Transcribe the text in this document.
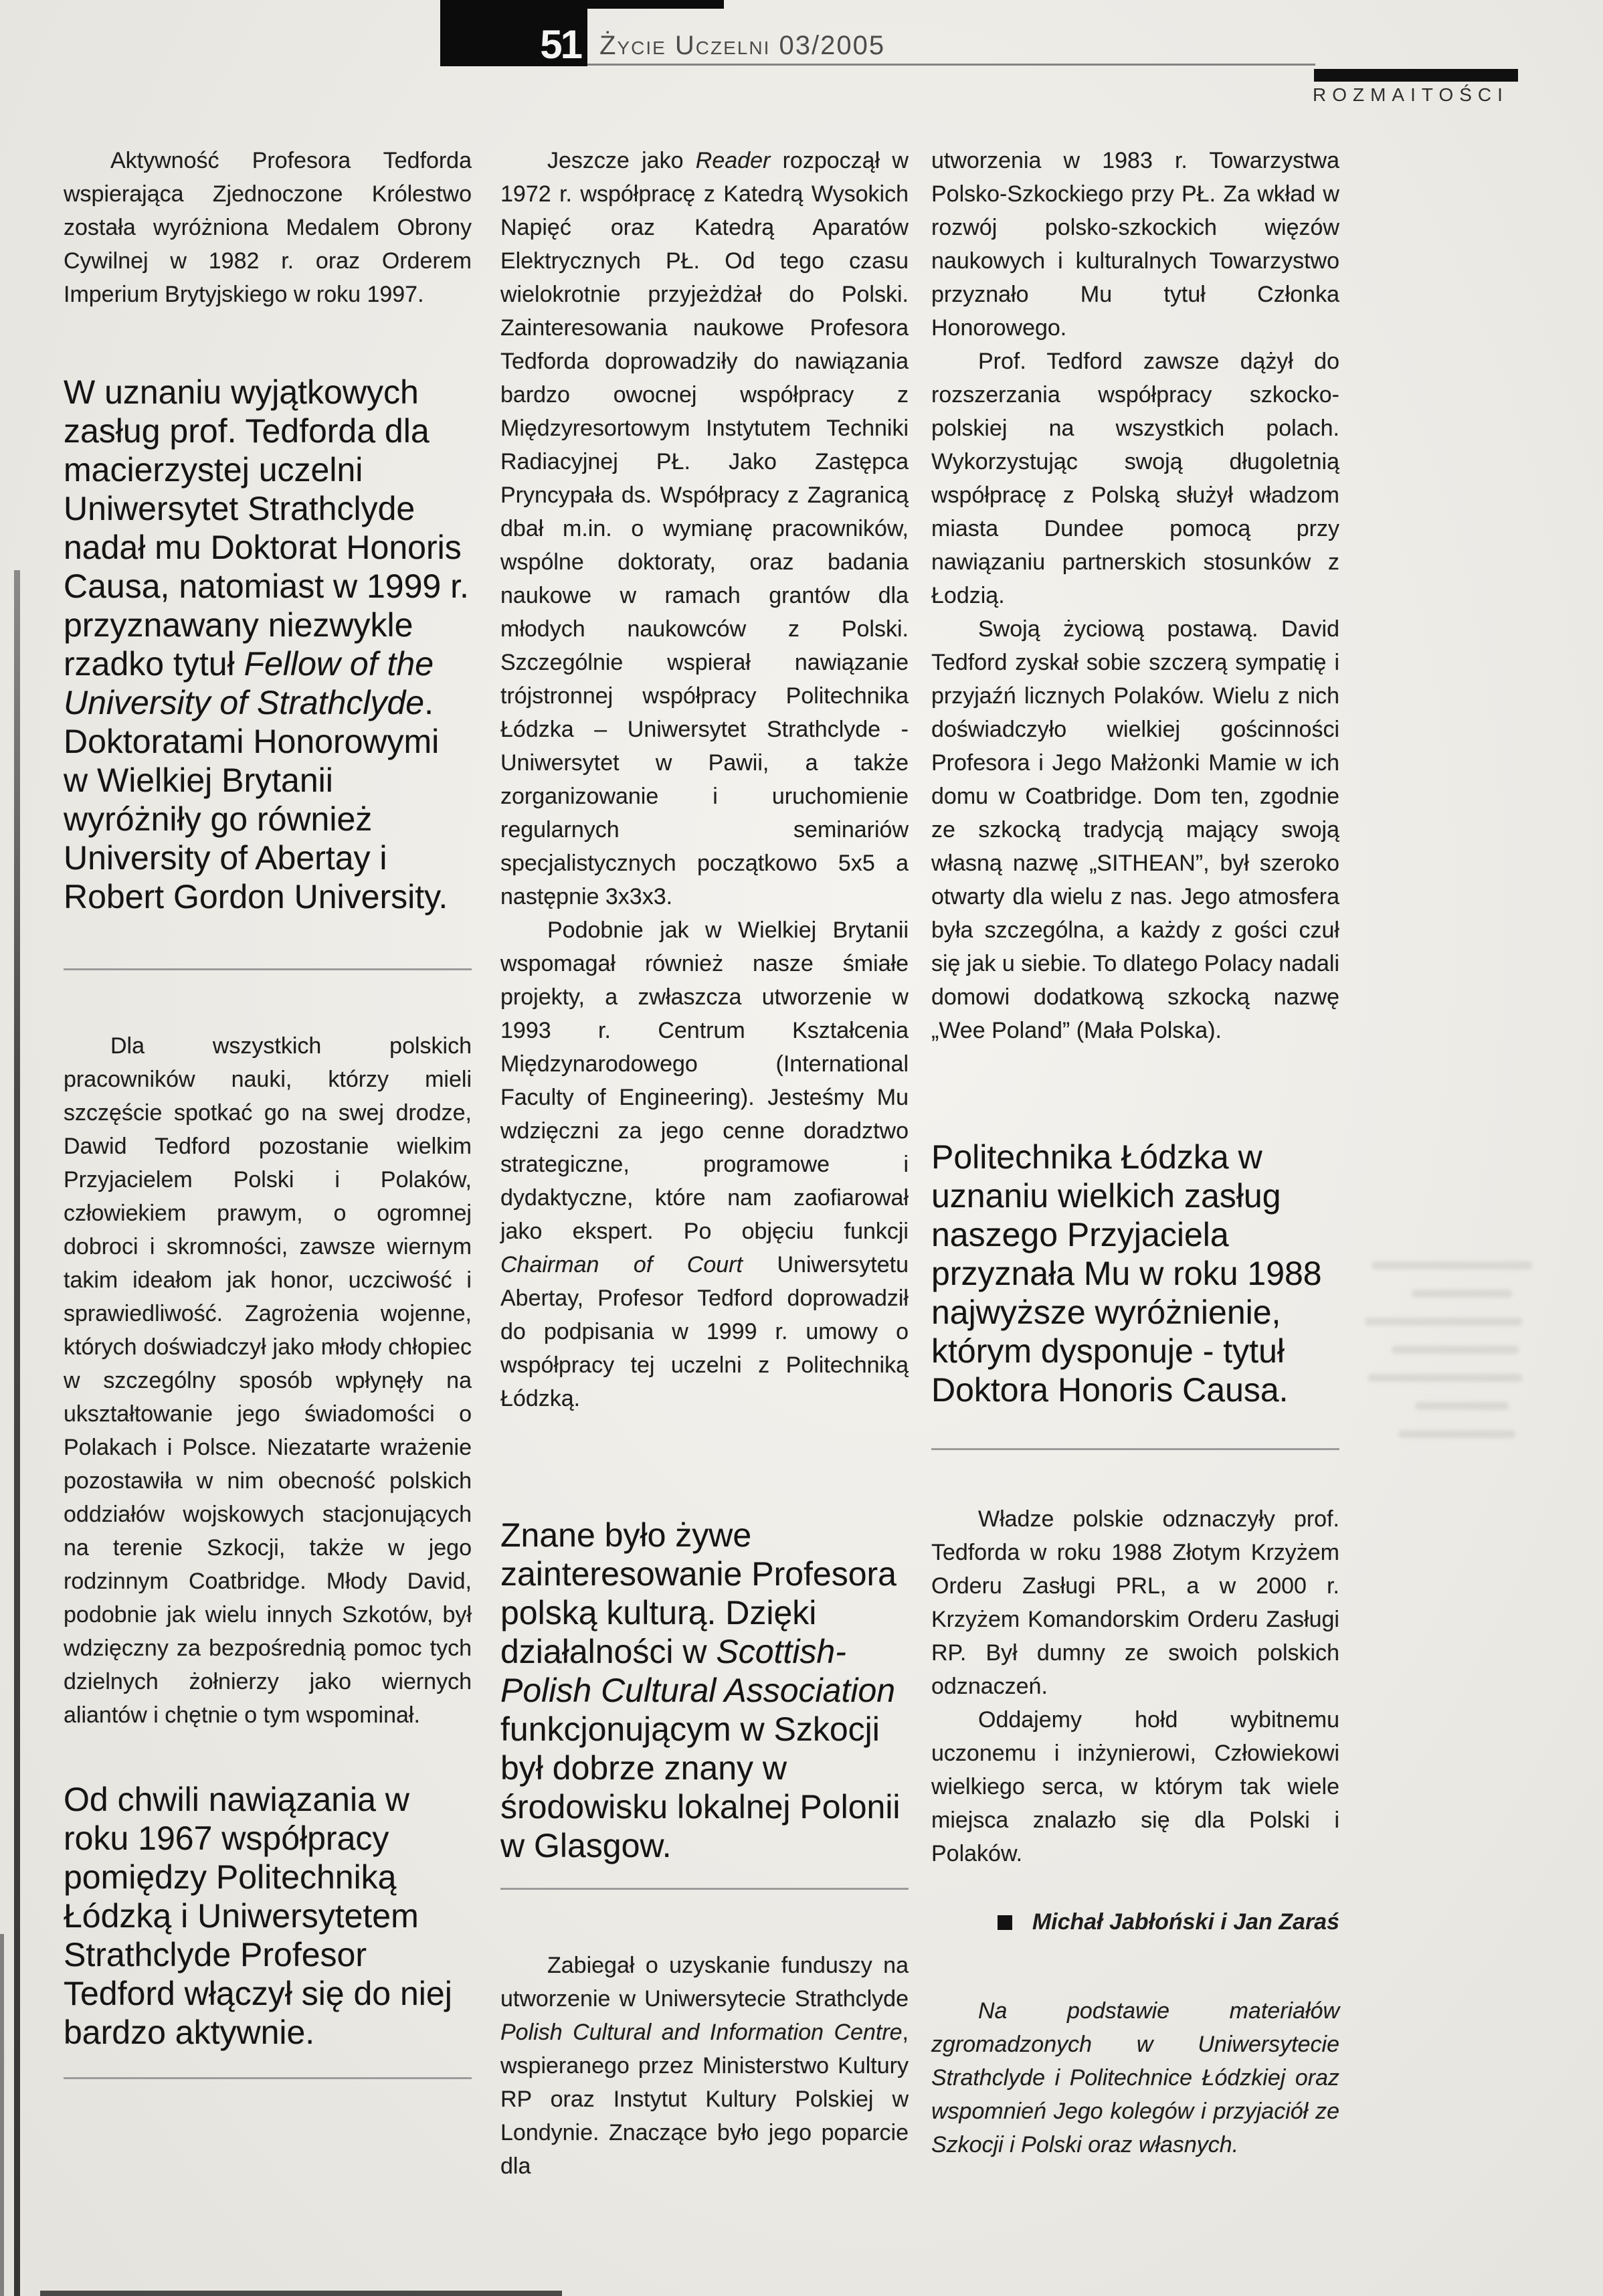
51 Życie Uczelni 03/2005
ROZMAITOŚCI

Aktywność Profesora Tedforda wspierająca Zjednoczone Królestwo została wyróżniona Medalem Obrony Cywilnej w 1982 r. oraz Orderem Imperium Brytyjskiego w roku 1997.

W uznaniu wyjątkowych zasług prof. Tedforda dla macierzystej uczelni Uniwersytet Strathclyde nadał mu Doktorat Honoris Causa, natomiast w 1999 r. przyznawany niezwykle rzadko tytuł Fellow of the University of Strathclyde. Doktoratami Honorowymi w Wielkiej Brytanii wyróżniły go również University of Abertay i Robert Gordon University.

Dla wszystkich polskich pracowników nauki, którzy mieli szczęście spotkać go na swej drodze, Dawid Tedford pozostanie wielkim Przyjacielem Polski i Polaków, człowiekiem prawym, o ogromnej dobroci i skromności, zawsze wiernym takim ideałom jak honor, uczciwość i sprawiedliwość. Zagrożenia wojenne, których doświadczył jako młody chłopiec w szczególny sposób wpłynęły na ukształtowanie jego świadomości o Polakach i Polsce. Niezatarte wrażenie pozostawiła w nim obecność polskich oddziałów wojskowych stacjonujących na terenie Szkocji, także w jego rodzinnym Coatbridge. Młody David, podobnie jak wielu innych Szkotów, był wdzięczny za bezpośrednią pomoc tych dzielnych żołnierzy jako wiernych aliantów i chętnie o tym wspominał.

Od chwili nawiązania w roku 1967 współpracy pomiędzy Politechniką Łódzką i Uniwersytetem Strathclyde Profesor Tedford włączył się do niej bardzo aktywnie.

Jeszcze jako Reader rozpoczął w 1972 r. współpracę z Katedrą Wysokich Napięć oraz Katedrą Aparatów Elektrycznych PŁ. Od tego czasu wielokrotnie przyjeżdżał do Polski. Zainteresowania naukowe Profesora Tedforda doprowadziły do nawiązania bardzo owocnej współpracy z Międzyresortowym Instytutem Techniki Radiacyjnej PŁ. Jako Zastępca Pryncypała ds. Współpracy z Zagranicą dbał m.in. o wymianę pracowników, wspólne doktoraty, oraz badania naukowe w ramach grantów dla młodych naukowców z Polski. Szczególnie wspierał nawiązanie trójstronnej współpracy Politechnika Łódzka – Uniwersytet Strathclyde - Uniwersytet w Pawii, a także zorganizowanie i uruchomienie regularnych seminariów specjalistycznych początkowo 5x5 a następnie 3x3x3.

Podobnie jak w Wielkiej Brytanii wspomagał również nasze śmiałe projekty, a zwłaszcza utworzenie w 1993 r. Centrum Kształcenia Międzynarodowego (International Faculty of Engineering). Jesteśmy Mu wdzięczni za jego cenne doradztwo strategiczne, programowe i dydaktyczne, które nam zaofiarował jako ekspert. Po objęciu funkcji Chairman of Court Uniwersytetu Abertay, Profesor Tedford doprowadził do podpisania w 1999 r. umowy o współpracy tej uczelni z Politechniką Łódzką.

Znane było żywe zainteresowanie Profesora polską kulturą. Dzięki działalności w Scottish-Polish Cultural Association funkcjonującym w Szkocji był dobrze znany w środowisku lokalnej Polonii w Glasgow.

Zabiegał o uzyskanie funduszy na utworzenie w Uniwersytecie Strathclyde Polish Cultural and Information Centre, wspieranego przez Ministerstwo Kultury RP oraz Instytut Kultury Polskiej w Londynie. Znaczące było jego poparcie dla

utworzenia w 1983 r. Towarzystwa Polsko-Szkockiego przy PŁ. Za wkład w rozwój polsko-szkockich więzów naukowych i kulturalnych Towarzystwo przyznało Mu tytuł Członka Honorowego.

Prof. Tedford zawsze dążył do rozszerzania współpracy szkocko-polskiej na wszystkich polach. Wykorzystując swoją długoletnią współpracę z Polską służył władzom miasta Dundee pomocą przy nawiązaniu partnerskich stosunków z Łodzią.

Swoją życiową postawą. David Tedford zyskał sobie szczerą sympatię i przyjaźń licznych Polaków. Wielu z nich doświadczyło wielkiej gościnności Profesora i Jego Małżonki Mamie w ich domu w Coatbridge. Dom ten, zgodnie ze szkocką tradycją mający swoją własną nazwę „SITHEAN”, był szeroko otwarty dla wielu z nas. Jego atmosfera była szczególna, a każdy z gości czuł się jak u siebie. To dlatego Polacy nadali domowi dodatkową szkocką nazwę „Wee Poland” (Mała Polska).

Politechnika Łódzka w uznaniu wielkich zasług naszego Przyjaciela przyznała Mu w roku 1988 najwyższe wyróżnienie, którym dysponuje - tytuł Doktora Honoris Causa.

Władze polskie odznaczyły prof. Tedforda w roku 1988 Złotym Krzyżem Orderu Zasługi PRL, a w 2000 r. Krzyżem Komandorskim Orderu Zasługi RP. Był dumny ze swoich polskich odznaczeń.

Oddajemy hołd wybitnemu uczonemu i inżynierowi, Człowiekowi wielkiego serca, w którym tak wiele miejsca znalazło się dla Polski i Polaków.

Michał Jabłoński i Jan Zaraś

Na podstawie materiałów zgromadzonych w Uniwersytecie Strathclyde i Politechnice Łódzkiej oraz wspomnień Jego kolegów i przyjaciół ze Szkocji i Polski oraz własnych.
